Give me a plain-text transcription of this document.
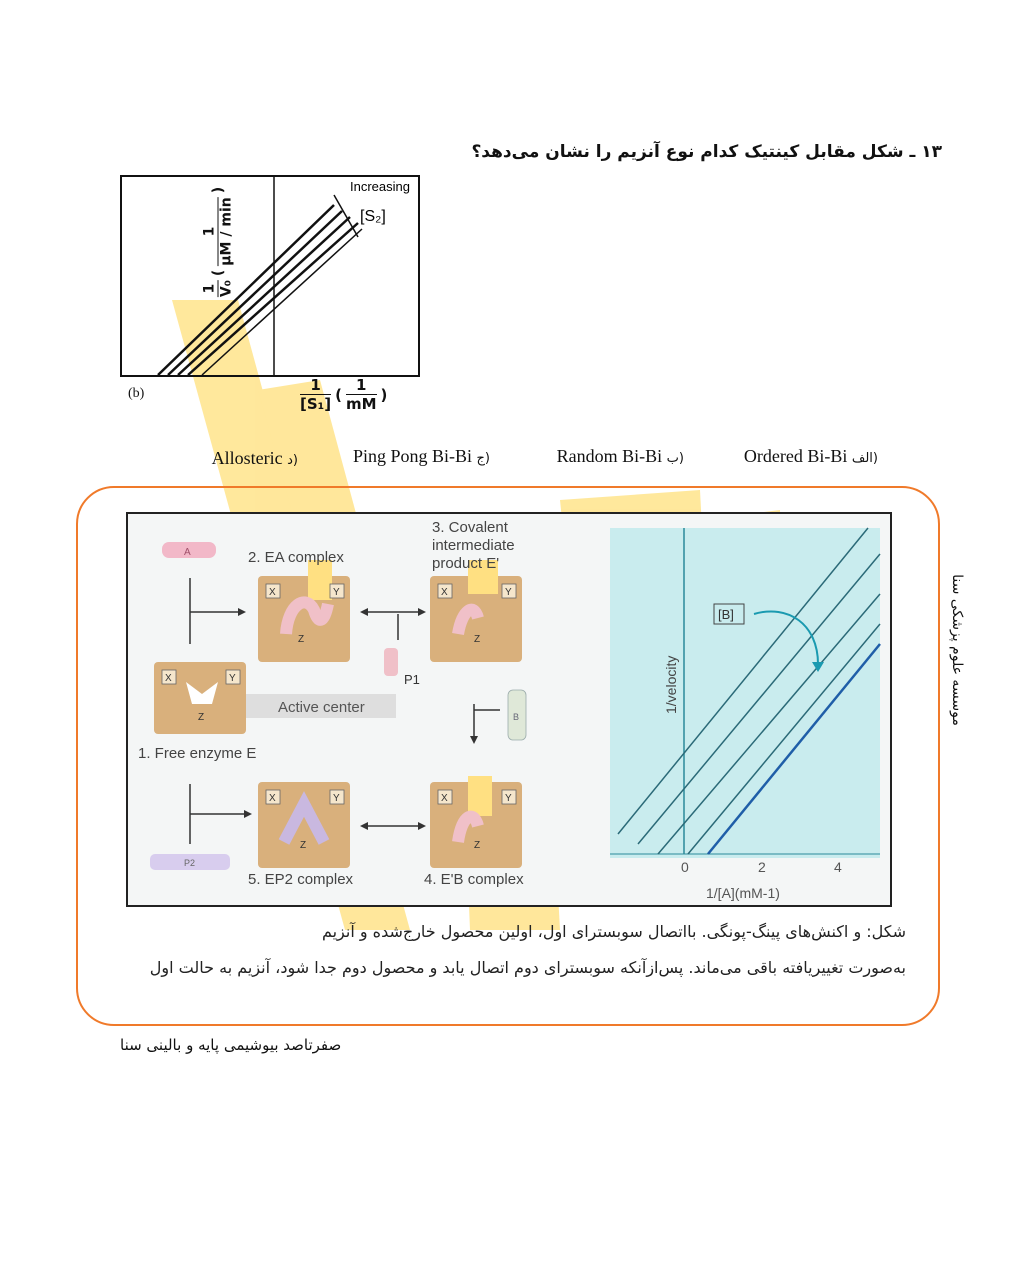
۱۳ ـ شکل مقابل کینتیک کدام نوع آنزیم را نشان می‌دهد؟
Increasing
[S₂]
1 V₀
(
1 μM / min
)
(b)	$\frac{1}{\text{[S₁]}}$ ( $\frac{1}{mM}$ )
Ordered Bi-Bi الف)
Random Bi-Bi ب)
Ping Pong Bi-Bi ج)
Allosteric د)
[B]
1/velocity
0	2	4
1/[A](mM-1)
A
X	Y	X	Y
X	Y
X	Y	X	Y
Z	Z
Z
Z	Z
P1
B
P2
2. EA complex
3. Covalent
intermediate
product E'
Active center
1. Free enzyme E
5. EP2 complex	4. E'B complex
شکل: و اکنش‌های پینگ-پونگی. بااتصال سوبسترای اول، اولین محصول خارج‌شده و آنزیم
به‌صورت تغییریافته باقی می‌ماند. پس‌ازآنکه سوبسترای دوم اتصال یابد و محصول دوم جدا شود، آنزیم به حالت اول
موسسه علوم پزشکی سنا
صفرتاصد بیوشیمی پایه و بالینی سنا
